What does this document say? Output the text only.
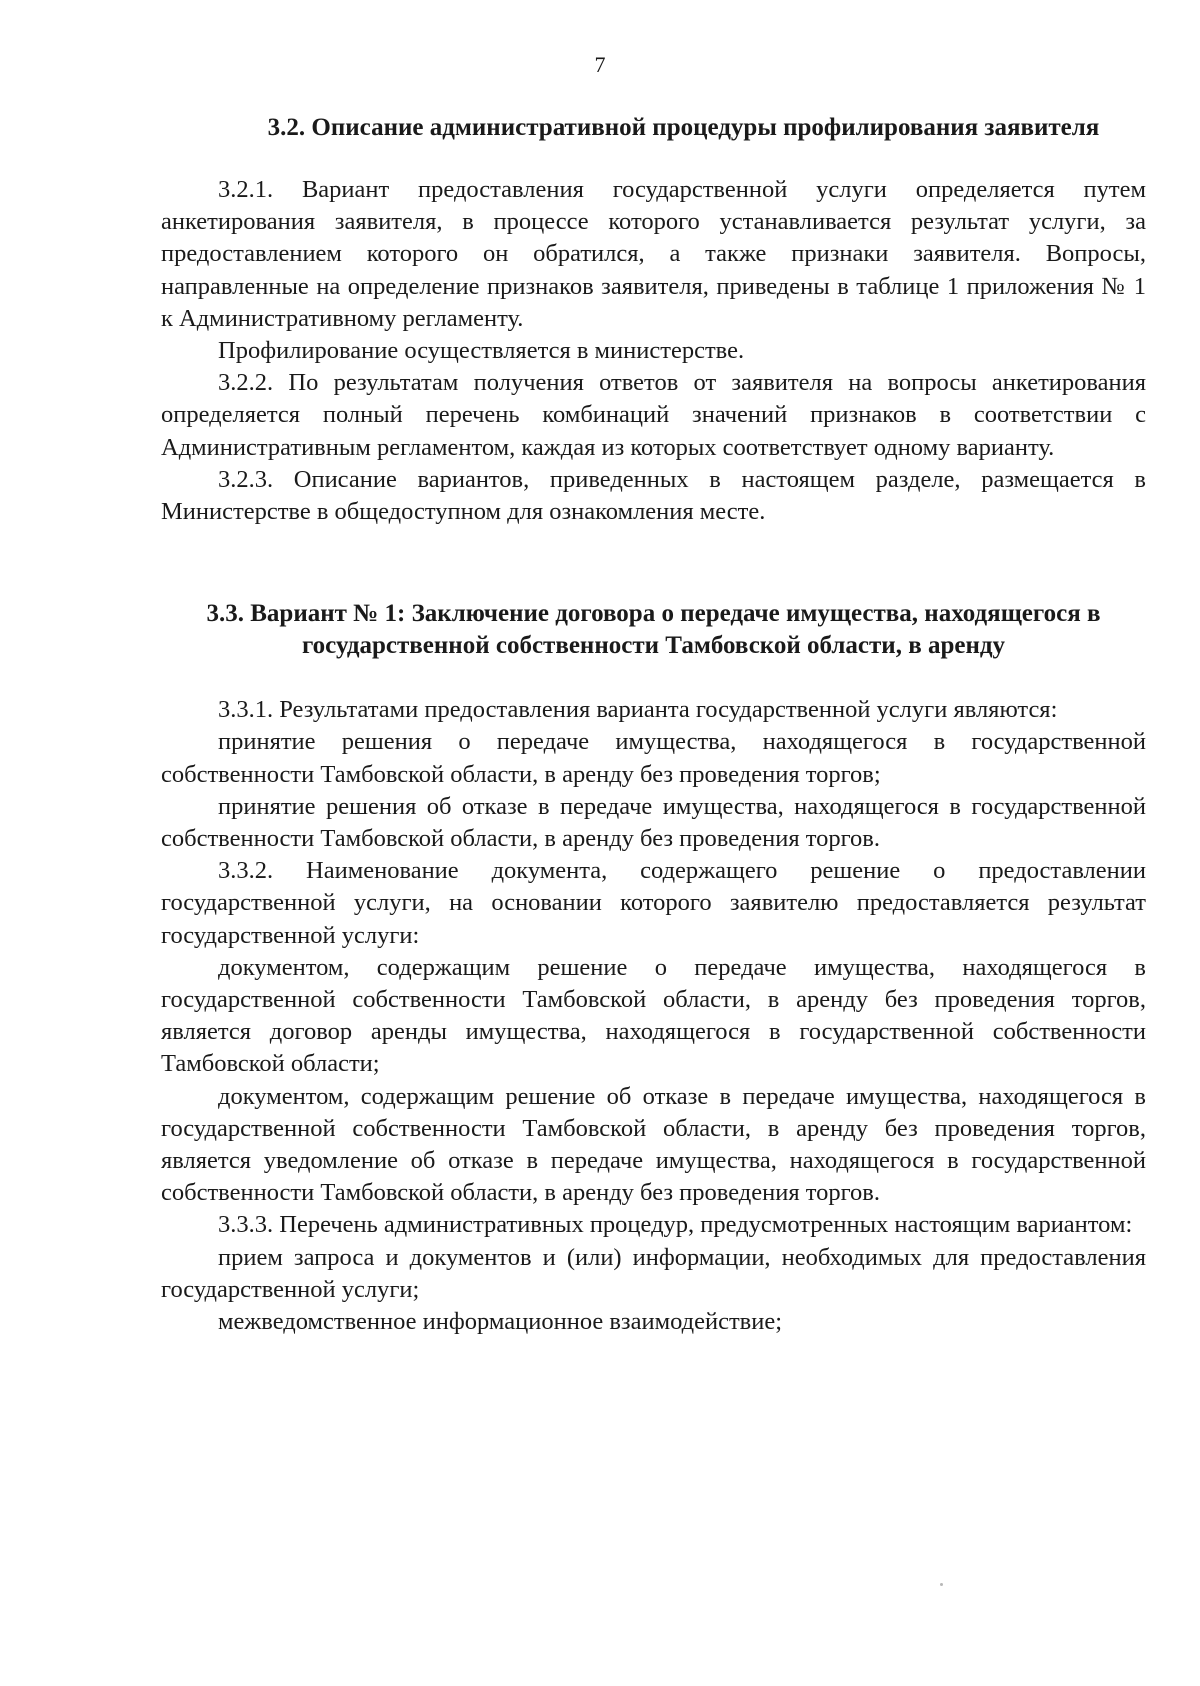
7
3.2. Описание административной процедуры профилирования заявителя

3.2.1. Вариант предоставления государственной услуги определяется путем анкетирования заявителя, в процессе которого устанавливается результат услуги, за предоставлением которого он обратился, а также признаки заявителя. Вопросы, направленные на определение признаков заявителя, приведены в таблице 1 приложения № 1 к Административному регламенту.

Профилирование осуществляется в министерстве.

3.2.2. По результатам получения ответов от заявителя на вопросы анкетирования определяется полный перечень комбинаций значений признаков в соответствии с Административным регламентом, каждая из которых соответствует одному варианту.

3.2.3. Описание вариантов, приведенных в настоящем разделе, размещается в Министерстве в общедоступном для ознакомления месте.

3.3. Вариант № 1: Заключение договора о передаче имущества, находящегося в государственной собственности Тамбовской области, в аренду

3.3.1. Результатами предоставления варианта государственной услуги являются:

принятие решения о передаче имущества, находящегося в государственной собственности Тамбовской области, в аренду без проведения торгов;

принятие решения об отказе в передаче имущества, находящегося в государственной собственности Тамбовской области, в аренду без проведения торгов.

3.3.2. Наименование документа, содержащего решение о предоставлении государственной услуги, на основании которого заявителю предоставляется результат государственной услуги:

документом, содержащим решение о передаче имущества, находящегося в государственной собственности Тамбовской области, в аренду без проведения торгов, является договор аренды имущества, находящегося в государственной собственности Тамбовской области;

документом, содержащим решение об отказе в передаче имущества, находящегося в государственной собственности Тамбовской области, в аренду без проведения торгов, является уведомление об отказе в передаче имущества, находящегося в государственной собственности Тамбовской области, в аренду без проведения торгов.

3.3.3. Перечень административных процедур, предусмотренных настоящим вариантом:

прием запроса и документов и (или) информации, необходимых для предоставления государственной услуги;

межведомственное информационное взаимодействие;
